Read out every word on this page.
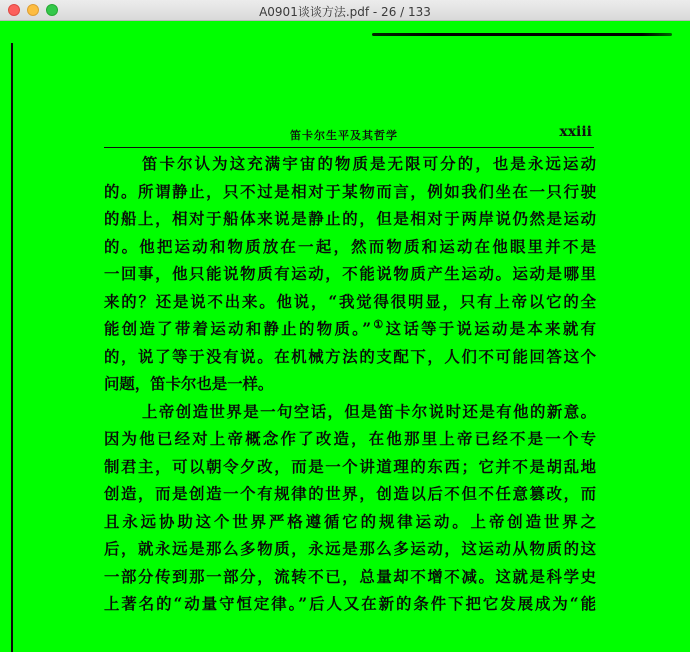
A0901谈谈方法.pdf - 26 / 133
笛卡尔生平及其哲学	xxiii
笛卡尔认为这充满宇宙的物质是无限可分的，也是永远运动
的。所谓静止，只不过是相对于某物而言，例如我们坐在一只行驶
的船上，相对于船体来说是静止的，但是相对于两岸说仍然是运动
的。他把运动和物质放在一起，然而物质和运动在他眼里并不是
一回事，他只能说物质有运动，不能说物质产生运动。运动是哪里
来的？还是说不出来。他说，“我觉得很明显，只有上帝以它的全
能创造了带着运动和静止的物质。”①这话等于说运动是本来就有
的，说了等于没有说。在机械方法的支配下，人们不可能回答这个
问题，笛卡尔也是一样。
上帝创造世界是一句空话，但是笛卡尔说时还是有他的新意。
因为他已经对上帝概念作了改造，在他那里上帝已经不是一个专
制君主，可以朝令夕改，而是一个讲道理的东西；它并不是胡乱地
创造，而是创造一个有规律的世界，创造以后不但不任意篡改，而
且永远协助这个世界严格遵循它的规律运动。上帝创造世界之
后，就永远是那么多物质，永远是那么多运动，这运动从物质的这
一部分传到那一部分，流转不已，总量却不增不减。这就是科学史
上著名的“动量守恒定律。”后人又在新的条件下把它发展成为“能
